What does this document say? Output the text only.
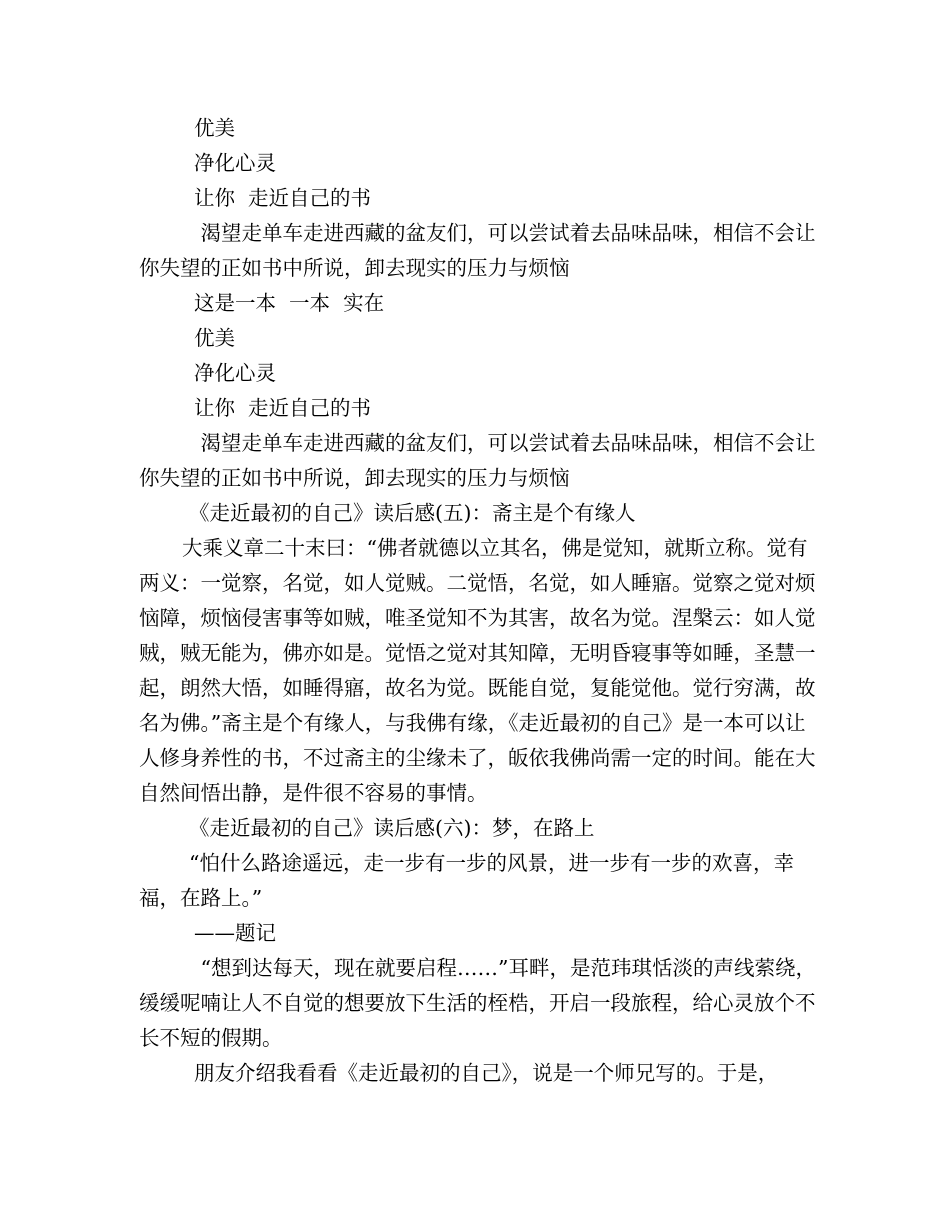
优美

净化心灵

让你  走近自己的书

渴望走单车走进西藏的盆友们，可以尝试着去品味品味，相信不会让你失望的正如书中所说，卸去现实的压力与烦恼

这是一本  一本  实在

优美

净化心灵

让你  走近自己的书

渴望走单车走进西藏的盆友们，可以尝试着去品味品味，相信不会让你失望的正如书中所说，卸去现实的压力与烦恼

《走近最初的自己》读后感(五)：斋主是个有缘人

大乘义章二十末曰：“佛者就德以立其名，佛是觉知，就斯立称。觉有两义：一觉察，名觉，如人觉贼。二觉悟，名觉，如人睡寤。觉察之觉对烦恼障，烦恼侵害事等如贼，唯圣觉知不为其害，故名为觉。涅槃云：如人觉贼，贼无能为，佛亦如是。觉悟之觉对其知障，无明昏寝事等如睡，圣慧一起，朗然大悟，如睡得寤，故名为觉。既能自觉，复能觉他。觉行穷满，故名为佛。”斋主是个有缘人，与我佛有缘，《走近最初的自己》是一本可以让人修身养性的书，不过斋主的尘缘未了，皈依我佛尚需一定的时间。能在大自然间悟出静，是件很不容易的事情。

《走近最初的自己》读后感(六)：梦，在路上

“怕什么路途遥远，走一步有一步的风景，进一步有一步的欢喜，幸福，在路上。”

——题记

“想到达每天，现在就要启程……”耳畔，是范玮琪恬淡的声线萦绕，缓缓呢喃让人不自觉的想要放下生活的桎梏，开启一段旅程，给心灵放个不长不短的假期。

朋友介绍我看看《走近最初的自己》，说是一个师兄写的。于是，
